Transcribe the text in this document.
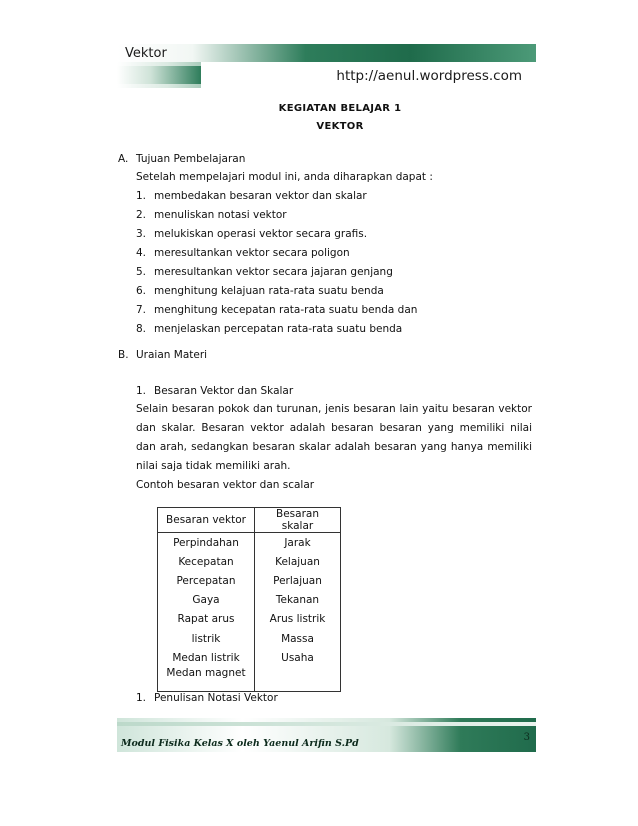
Vektor
http://aenul.wordpress.com
KEGIATAN BELAJAR 1
VEKTOR
A. Tujuan Pembelajaran
Setelah mempelajari modul ini, anda diharapkan dapat :
1. membedakan besaran vektor dan skalar
2. menuliskan notasi vektor
3. melukiskan operasi vektor secara grafis.
4. meresultankan vektor secara poligon
5. meresultankan vektor secara jajaran genjang
6. menghitung kelajuan rata-rata suatu benda
7. menghitung kecepatan rata-rata suatu benda dan
8. menjelaskan percepatan rata-rata suatu benda
B. Uraian Materi
1. Besaran Vektor dan Skalar
Selain besaran pokok dan turunan, jenis besaran lain yaitu besaran vektor dan skalar. Besaran vektor adalah besaran besaran yang memiliki nilai dan arah, sedangkan besaran skalar adalah besaran yang hanya memiliki nilai saja tidak memiliki arah.
Contoh besaran vektor dan scalar
Besaran vektor	Besaran skalar
Perpindahan	Jarak
Kecepatan	Kelajuan
Percepatan	Perlajuan
Gaya	Tekanan
Rapat arus	Arus listrik
listrik	Massa
Medan listrik	Usaha
Medan magnet	
1. Penulisan Notasi Vektor
Modul Fisika Kelas X oleh Yaenul Arifin S.Pd
3
